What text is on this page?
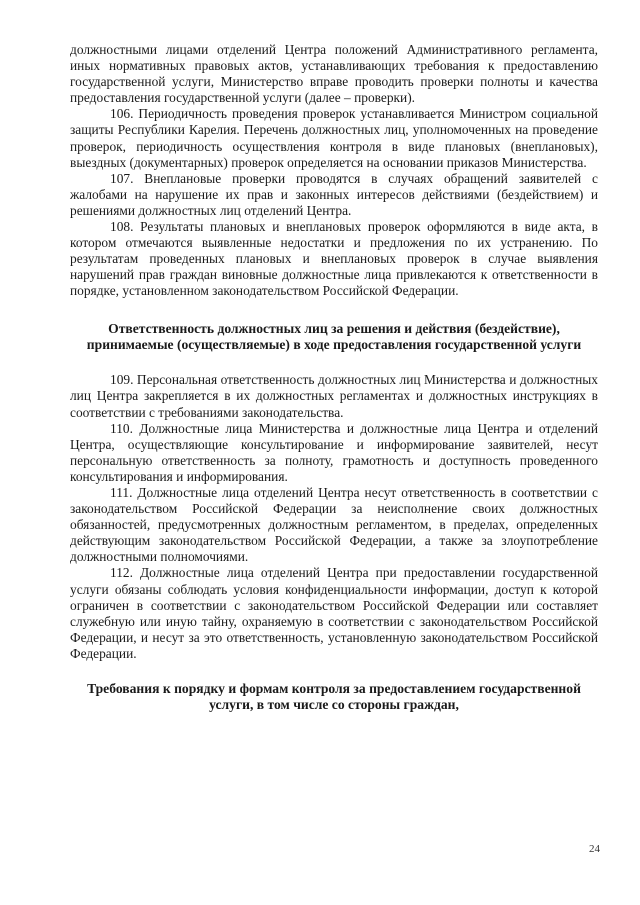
должностными лицами отделений Центра положений Административного регламента, иных нормативных правовых актов, устанавливающих требования к предоставлению государственной услуги, Министерство вправе проводить проверки полноты и качества предоставления государственной услуги (далее – проверки).

106. Периодичность проведения проверок устанавливается Министром социальной защиты Республики Карелия. Перечень должностных лиц, уполномоченных на проведение проверок, периодичность осуществления контроля в виде плановых (внеплановых), выездных (документарных) проверок определяется на основании приказов Министерства.

107. Внеплановые проверки проводятся в случаях обращений заявителей с жалобами на нарушение их прав и законных интересов действиями (бездействием) и решениями должностных лиц отделений Центра.

108. Результаты плановых и внеплановых проверок оформляются в виде акта, в котором отмечаются выявленные недостатки и предложения по их устранению. По результатам проведенных плановых и внеплановых проверок в случае выявления нарушений прав граждан виновные должностные лица привлекаются к ответственности в порядке, установленном законодательством Российской Федерации.

Ответственность должностных лиц за решения и действия (бездействие), принимаемые (осуществляемые) в ходе предоставления государственной услуги

109. Персональная ответственность должностных лиц Министерства и должностных лиц Центра закрепляется в их должностных регламентах и должностных инструкциях в соответствии с требованиями законодательства.

110. Должностные лица Министерства и должностные лица Центра и отделений Центра, осуществляющие консультирование и информирование заявителей, несут персональную ответственность за полноту, грамотность и доступность проведенного консультирования и информирования.

111. Должностные лица отделений Центра несут ответственность в соответствии с законодательством Российской Федерации за неисполнение своих должностных обязанностей, предусмотренных должностным регламентом, в пределах, определенных действующим законодательством Российской Федерации, а также за злоупотребление должностными полномочиями.

112. Должностные лица отделений Центра при предоставлении государственной услуги обязаны соблюдать условия конфиденциальности информации, доступ к которой ограничен в соответствии с законодательством Российской Федерации или составляет служебную или иную тайну, охраняемую в соответствии с законодательством Российской Федерации, и несут за это ответственность, установленную законодательством Российской Федерации.

Требования к порядку и формам контроля за предоставлением государственной услуги, в том числе со стороны граждан,

24
